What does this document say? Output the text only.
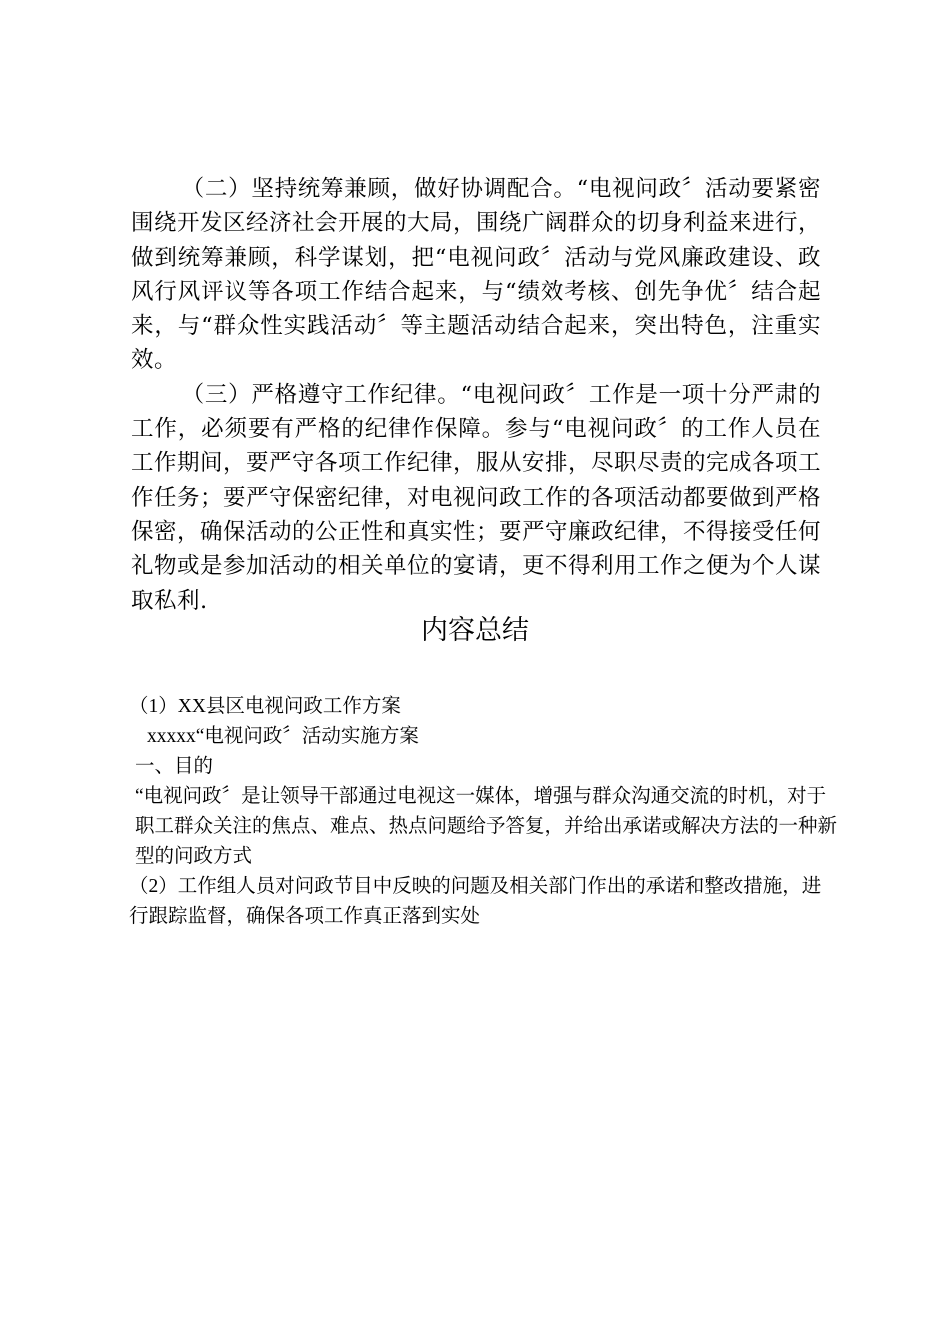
（二）坚持统筹兼顾，做好协调配合。“电视问政〞活动要紧密围绕开发区经济社会开展的大局，围绕广阔群众的切身利益来进行，做到统筹兼顾，科学谋划，把“电视问政〞活动与党风廉政建设、政风行风评议等各项工作结合起来，与“绩效考核、创先争优〞结合起来，与“群众性实践活动〞等主题活动结合起来，突出特色，注重实效。

（三）严格遵守工作纪律。“电视问政〞工作是一项十分严肃的工作，必须要有严格的纪律作保障。参与“电视问政〞的工作人员在工作期间，要严守各项工作纪律，服从安排，尽职尽责的完成各项工作任务；要严守保密纪律，对电视问政工作的各项活动都要做到严格保密，确保活动的公正性和真实性；要严守廉政纪律，不得接受任何礼物或是参加活动的相关单位的宴请，更不得利用工作之便为个人谋取私利.

内容总结
（1）XX县区电视问政工作方案
xxxxx“电视问政〞活动实施方案
一、目的
“电视问政〞是让领导干部通过电视这一媒体，增强与群众沟通交流的时机，对于职工群众关注的焦点、难点、热点问题给予答复，并给出承诺或解决方法的一种新型的问政方式
（2）工作组人员对问政节目中反映的问题及相关部门作出的承诺和整改措施，进行跟踪监督，确保各项工作真正落到实处
